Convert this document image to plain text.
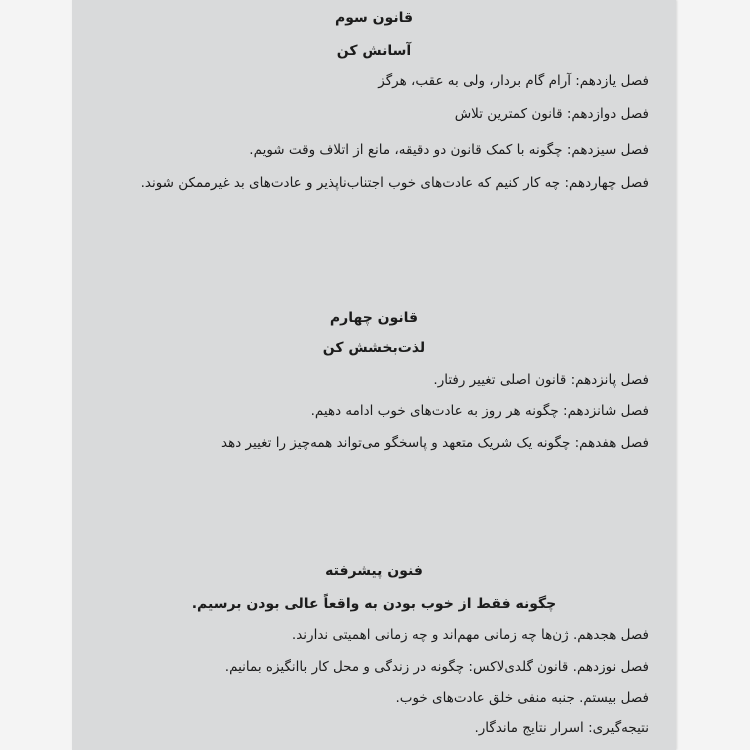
قانون سوم
آسانش کن
فصل یازدهم: آرام گام بردار، ولی به عقب، هرگز
فصل دوازدهم: قانون کمترین تلاش
فصل سیزدهم: چگونه با کمک قانون دو دقیقه، مانع از اتلاف وقت شویم.
فصل چهاردهم: چه کار کنیم که عادت‌های خوب اجتناب‌ناپذیر و عادت‌های بد غیرممکن شوند.
قانون چهارم
لذت‌بخشش کن
فصل پانزدهم: قانون اصلی تغییر رفتار.
فصل شانزدهم: چگونه هر روز به عادت‌های خوب ادامه دهیم.
فصل هفدهم: چگونه یک شریک متعهد و پاسخگو می‌تواند همه‌چیز را تغییر دهد
فنون پیشرفته
چگونه فقط از خوب بودن به واقعاً عالی بودن برسیم.
فصل هجدهم. ژن‌ها چه زمانی مهم‌اند و چه زمانی اهمیتی ندارند.
فصل نوزدهم. قانون گلدی‌لاکس: چگونه در زندگی و محل کار باانگیزه بمانیم.
فصل بیستم. جنبه منفی خلق عادت‌های خوب.
نتیجه‌گیری: اسرار نتایج ماندگار.
